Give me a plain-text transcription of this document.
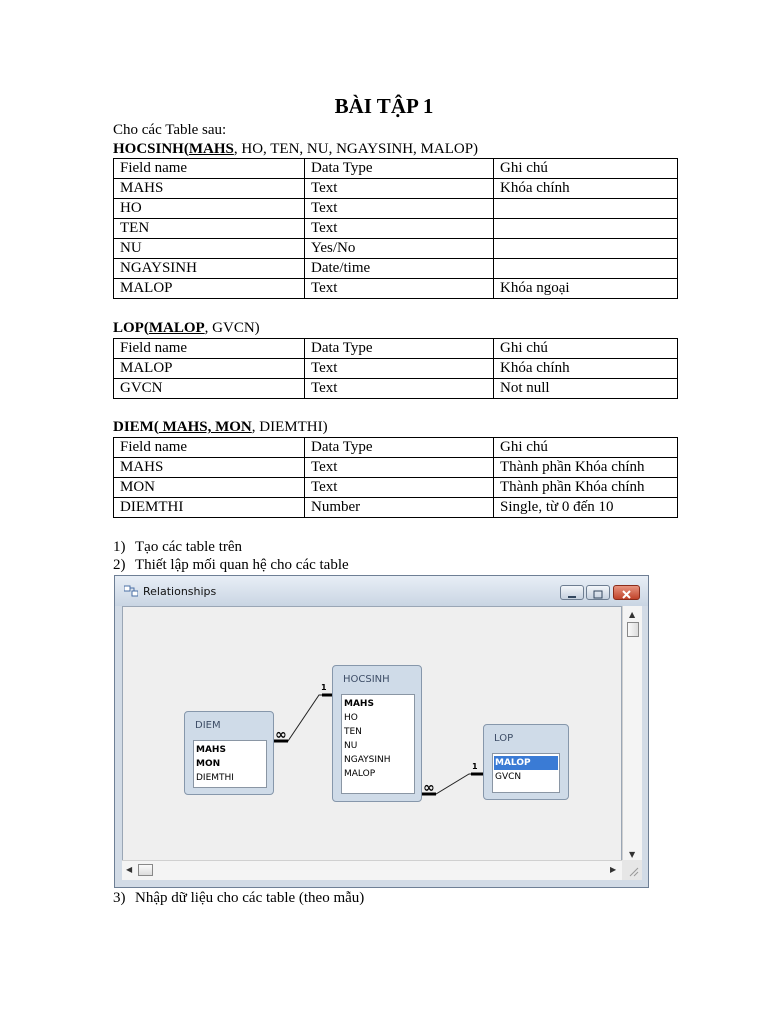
BÀI TẬP 1
Cho các Table sau:
HOCSINH(MAHS, HO, TEN, NU, NGAYSINH, MALOP)
Field name	Data Type	Ghi chú
MAHS	Text	Khóa chính
HO	Text	
TEN	Text	
NU	Yes/No	
NGAYSINH	Date/time	
MALOP	Text	Khóa ngoại
LOP(MALOP, GVCN)
Field name	Data Type	Ghi chú
MALOP	Text	Khóa chính
GVCN	Text	Not null
DIEM( MAHS, MON, DIEMTHI)
Field name	Data Type	Ghi chú
MAHS	Text	Thành phần Khóa chính
MON	Text	Thành phần Khóa chính
DIEMTHI	Number	Single, từ 0 đến 10
1) Tạo các table trên
2) Thiết lập mối quan hệ cho các table
Relationships
∞
1
∞
1
DIEM
MAHS
MON
DIEMTHI
HOCSINH
MAHS
HO
TEN
NU
NGAYSINH
MALOP
LOP
MALOP
GVCN
▲
▼
◀	▶
3) Nhập dữ liệu cho các table (theo mẫu)
